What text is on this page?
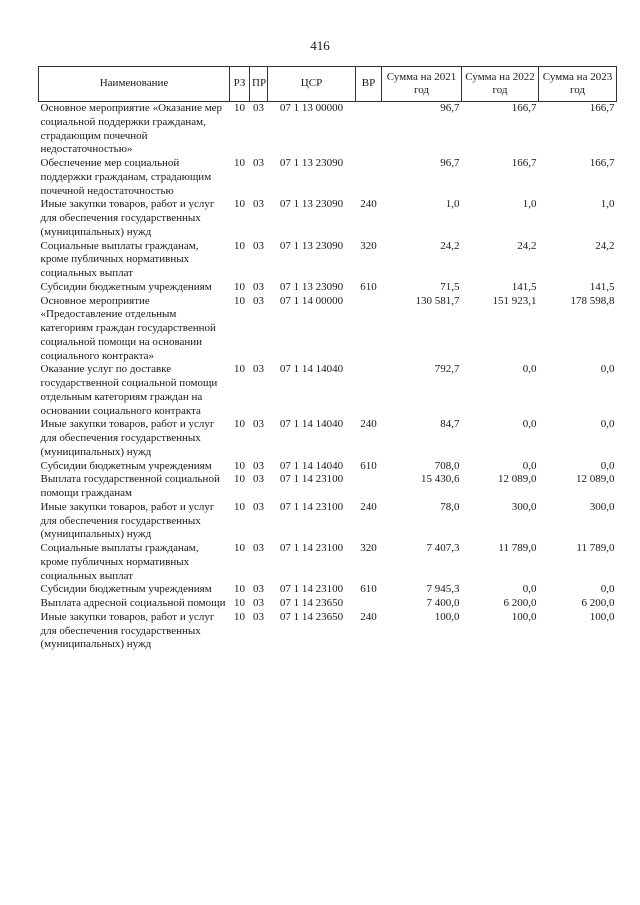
416
Наименование	РЗ	ПР	ЦСР	ВР	Сумма на 2021 год	Сумма на 2022 год	Сумма на 2023 год
Основное мероприятие «Оказание мер социальной поддержки гражданам, страдающим почечной недостаточностью»	10	03	07 1 13 00000		96,7	166,7	166,7
Обеспечение мер социальной поддержки гражданам, страдающим почечной недостаточностью	10	03	07 1 13 23090		96,7	166,7	166,7
Иные закупки товаров, работ и услуг для обеспечения государственных (муниципальных) нужд	10	03	07 1 13 23090	240	1,0	1,0	1,0
Социальные выплаты гражданам, кроме публичных нормативных социальных выплат	10	03	07 1 13 23090	320	24,2	24,2	24,2
Субсидии бюджетным учреждениям	10	03	07 1 13 23090	610	71,5	141,5	141,5
Основное мероприятие «Предоставление отдельным категориям граждан государственной социальной помощи на основании социального контракта»	10	03	07 1 14 00000		130 581,7	151 923,1	178 598,8
Оказание услуг по доставке государственной социальной помощи отдельным категориям граждан на основании социального контракта	10	03	07 1 14 14040		792,7	0,0	0,0
Иные закупки товаров, работ и услуг для обеспечения государственных (муниципальных) нужд	10	03	07 1 14 14040	240	84,7	0,0	0,0
Субсидии бюджетным учреждениям	10	03	07 1 14 14040	610	708,0	0,0	0,0
Выплата государственной социальной помощи гражданам	10	03	07 1 14 23100		15 430,6	12 089,0	12 089,0
Иные закупки товаров, работ и услуг для обеспечения государственных (муниципальных) нужд	10	03	07 1 14 23100	240	78,0	300,0	300,0
Социальные выплаты гражданам, кроме публичных нормативных социальных выплат	10	03	07 1 14 23100	320	7 407,3	11 789,0	11 789,0
Субсидии бюджетным учреждениям	10	03	07 1 14 23100	610	7 945,3	0,0	0,0
Выплата адресной социальной помощи	10	03	07 1 14 23650		7 400,0	6 200,0	6 200,0
Иные закупки товаров, работ и услуг для обеспечения государственных (муниципальных) нужд	10	03	07 1 14 23650	240	100,0	100,0	100,0
